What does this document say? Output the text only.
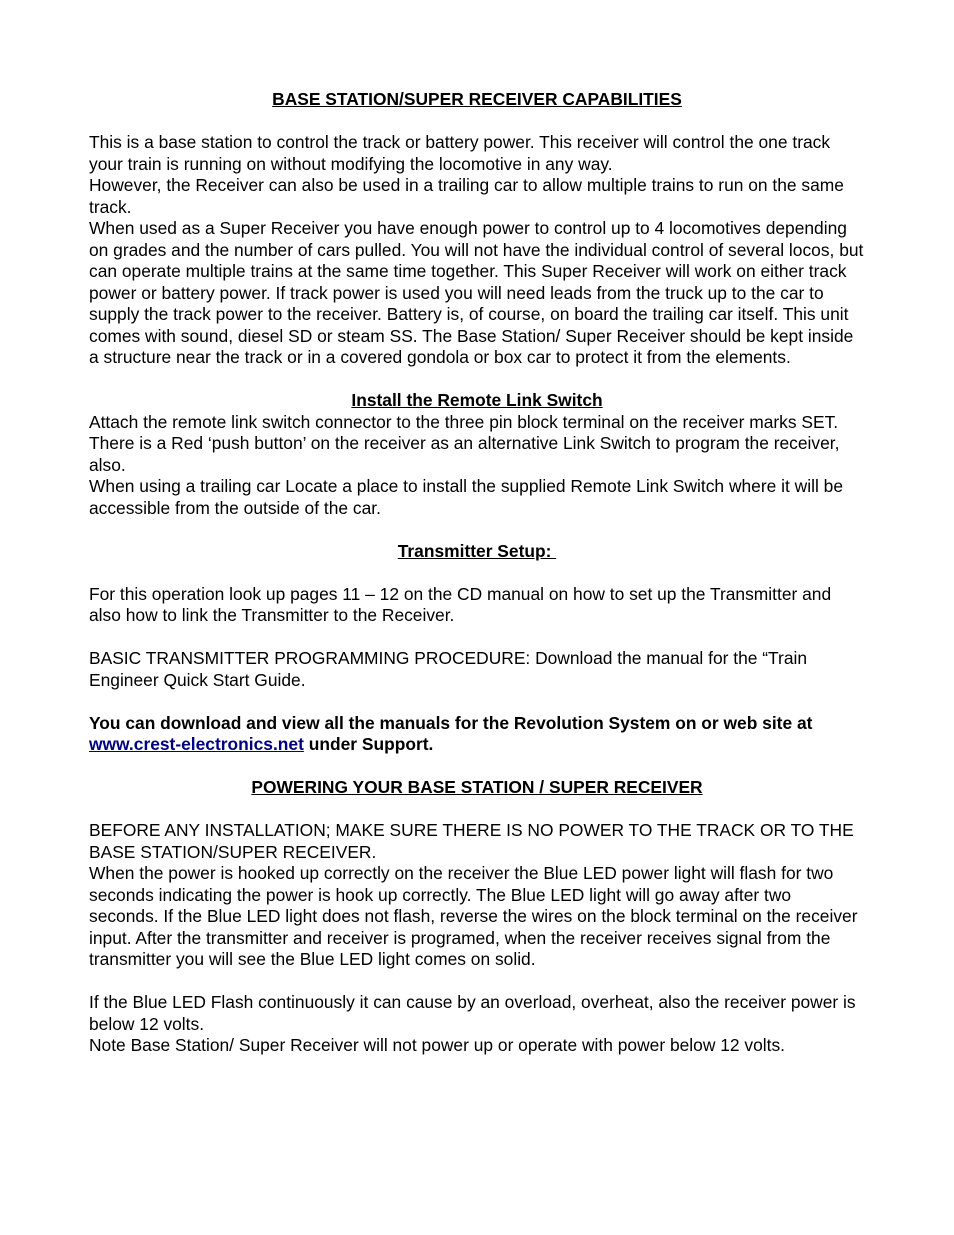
BASE STATION/SUPER RECEIVER CAPABILITIES

This is a base station to control the track or battery power. This receiver will control the one track your train is running on without modifying the locomotive in any way.

However, the Receiver can also be used in a trailing car to allow multiple trains to run on the same track.

When used as a Super Receiver you have enough power to control up to 4 locomotives depending on grades and the number of cars pulled. You will not have the individual control of several locos, but can operate multiple trains at the same time together. This Super Receiver will work on either track power or battery power. If track power is used you will need leads from the truck up to the car to supply the track power to the receiver. Battery is, of course, on board the trailing car itself. This unit comes with sound, diesel SD or steam SS. The Base Station/ Super Receiver should be kept inside a structure near the track or in a covered gondola or box car to protect it from the elements.

Install the Remote Link Switch

Attach the remote link switch connector to the three pin block terminal on the receiver marks SET.

There is a Red ‘push button’ on the receiver as an alternative Link Switch to program the receiver, also.

When using a trailing car Locate a place to install the supplied Remote Link Switch where it will be accessible from the outside of the car.

Transmitter Setup:

For this operation look up pages 11 – 12 on the CD manual on how to set up the Transmitter and also how to link the Transmitter to the Receiver.

BASIC TRANSMITTER PROGRAMMING PROCEDURE: Download the manual for the “Train Engineer Quick Start Guide.

You can download and view all the manuals for the Revolution System on or web site at www.crest-electronics.net under Support.

POWERING YOUR BASE STATION / SUPER RECEIVER

BEFORE ANY INSTALLATION; MAKE SURE THERE IS NO POWER TO THE TRACK OR TO THE BASE STATION/SUPER RECEIVER.

When the power is hooked up correctly on the receiver the Blue LED power light will flash for two seconds indicating the power is hook up correctly. The Blue LED light will go away after two seconds. If the Blue LED light does not flash, reverse the wires on the block terminal on the receiver input. After the transmitter and receiver is programed, when the receiver receives signal from the transmitter you will see the Blue LED light comes on solid.

If the Blue LED Flash continuously it can cause by an overload, overheat, also the receiver power is below 12 volts.

Note Base Station/ Super Receiver will not power up or operate with power below 12 volts.
